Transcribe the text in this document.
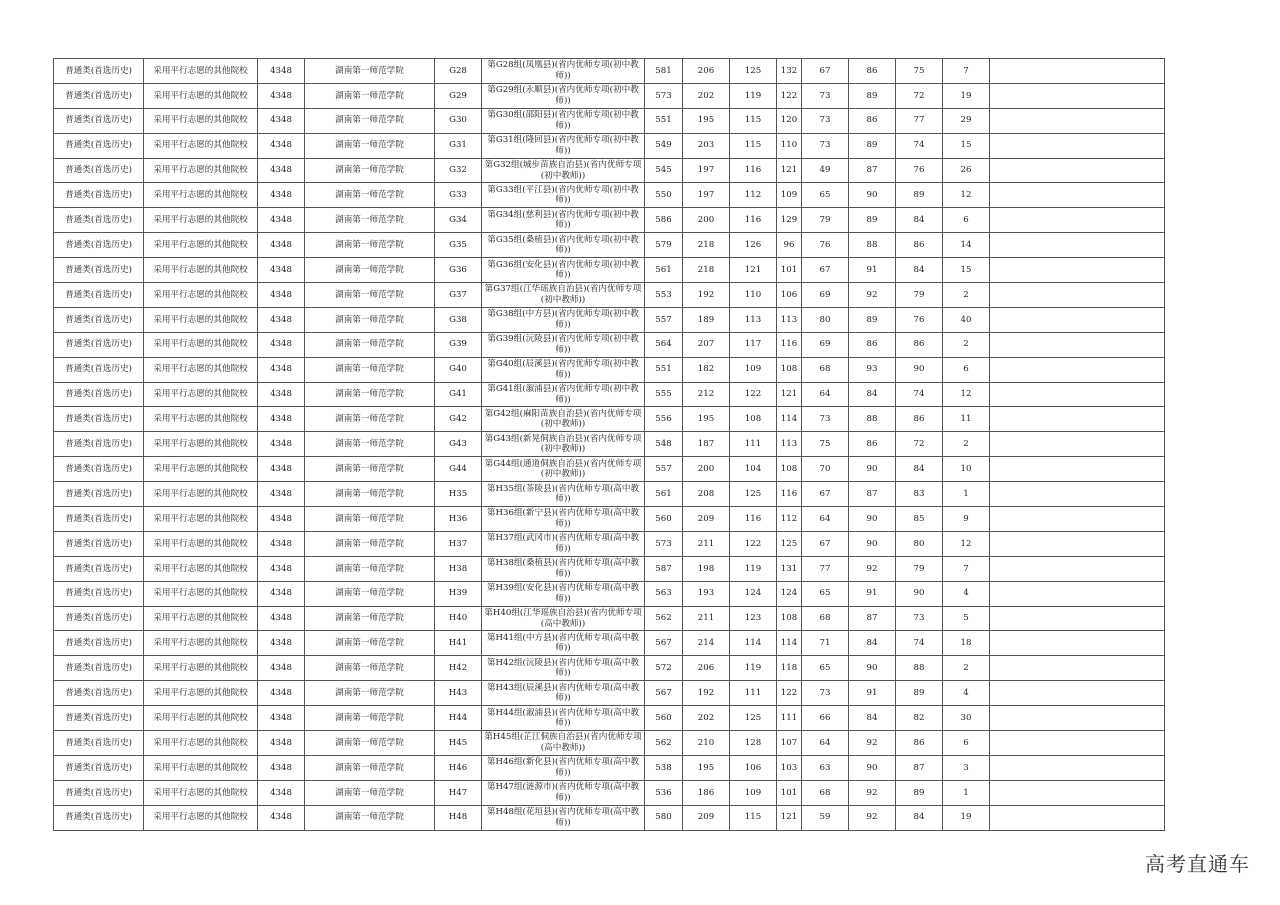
普通类(首选历史)	采用平行志愿的其他院校	4348	湖南第一师范学院	G28	第G28组(凤凰县)(省内优师专项(初中教师))	581	206	125	132	67	86	75	7	
普通类(首选历史)	采用平行志愿的其他院校	4348	湖南第一师范学院	G29	第G29组(永顺县)(省内优师专项(初中教师))	573	202	119	122	73	89	72	19	
普通类(首选历史)	采用平行志愿的其他院校	4348	湖南第一师范学院	G30	第G30组(邵阳县)(省内优师专项(初中教师))	551	195	115	120	73	86	77	29	
普通类(首选历史)	采用平行志愿的其他院校	4348	湖南第一师范学院	G31	第G31组(隆回县)(省内优师专项(初中教师))	549	203	115	110	73	89	74	15	
普通类(首选历史)	采用平行志愿的其他院校	4348	湖南第一师范学院	G32	第G32组(城步苗族自治县)(省内优师专项(初中教师))	545	197	116	121	49	87	76	26	
普通类(首选历史)	采用平行志愿的其他院校	4348	湖南第一师范学院	G33	第G33组(平江县)(省内优师专项(初中教师))	550	197	112	109	65	90	89	12	
普通类(首选历史)	采用平行志愿的其他院校	4348	湖南第一师范学院	G34	第G34组(慈利县)(省内优师专项(初中教师))	586	200	116	129	79	89	84	6	
普通类(首选历史)	采用平行志愿的其他院校	4348	湖南第一师范学院	G35	第G35组(桑植县)(省内优师专项(初中教师))	579	218	126	96	76	88	86	14	
普通类(首选历史)	采用平行志愿的其他院校	4348	湖南第一师范学院	G36	第G36组(安化县)(省内优师专项(初中教师))	561	218	121	101	67	91	84	15	
普通类(首选历史)	采用平行志愿的其他院校	4348	湖南第一师范学院	G37	第G37组(江华瑶族自治县)(省内优师专项(初中教师))	553	192	110	106	69	92	79	2	
普通类(首选历史)	采用平行志愿的其他院校	4348	湖南第一师范学院	G38	第G38组(中方县)(省内优师专项(初中教师))	557	189	113	113	80	89	76	40	
普通类(首选历史)	采用平行志愿的其他院校	4348	湖南第一师范学院	G39	第G39组(沅陵县)(省内优师专项(初中教师))	564	207	117	116	69	86	86	2	
普通类(首选历史)	采用平行志愿的其他院校	4348	湖南第一师范学院	G40	第G40组(辰溪县)(省内优师专项(初中教师))	551	182	109	108	68	93	90	6	
普通类(首选历史)	采用平行志愿的其他院校	4348	湖南第一师范学院	G41	第G41组(溆浦县)(省内优师专项(初中教师))	555	212	122	121	64	84	74	12	
普通类(首选历史)	采用平行志愿的其他院校	4348	湖南第一师范学院	G42	第G42组(麻阳苗族自治县)(省内优师专项(初中教师))	556	195	108	114	73	88	86	11	
普通类(首选历史)	采用平行志愿的其他院校	4348	湖南第一师范学院	G43	第G43组(新晃侗族自治县)(省内优师专项(初中教师))	548	187	111	113	75	86	72	2	
普通类(首选历史)	采用平行志愿的其他院校	4348	湖南第一师范学院	G44	第G44组(通道侗族自治县)(省内优师专项(初中教师))	557	200	104	108	70	90	84	10	
普通类(首选历史)	采用平行志愿的其他院校	4348	湖南第一师范学院	H35	第H35组(茶陵县)(省内优师专项(高中教师))	561	208	125	116	67	87	83	1	
普通类(首选历史)	采用平行志愿的其他院校	4348	湖南第一师范学院	H36	第H36组(新宁县)(省内优师专项(高中教师))	560	209	116	112	64	90	85	9	
普通类(首选历史)	采用平行志愿的其他院校	4348	湖南第一师范学院	H37	第H37组(武冈市)(省内优师专项(高中教师))	573	211	122	125	67	90	80	12	
普通类(首选历史)	采用平行志愿的其他院校	4348	湖南第一师范学院	H38	第H38组(桑植县)(省内优师专项(高中教师))	587	198	119	131	77	92	79	7	
普通类(首选历史)	采用平行志愿的其他院校	4348	湖南第一师范学院	H39	第H39组(安化县)(省内优师专项(高中教师))	563	193	124	124	65	91	90	4	
普通类(首选历史)	采用平行志愿的其他院校	4348	湖南第一师范学院	H40	第H40组(江华瑶族自治县)(省内优师专项(高中教师))	562	211	123	108	68	87	73	5	
普通类(首选历史)	采用平行志愿的其他院校	4348	湖南第一师范学院	H41	第H41组(中方县)(省内优师专项(高中教师))	567	214	114	114	71	84	74	18	
普通类(首选历史)	采用平行志愿的其他院校	4348	湖南第一师范学院	H42	第H42组(沅陵县)(省内优师专项(高中教师))	572	206	119	118	65	90	88	2	
普通类(首选历史)	采用平行志愿的其他院校	4348	湖南第一师范学院	H43	第H43组(辰溪县)(省内优师专项(高中教师))	567	192	111	122	73	91	89	4	
普通类(首选历史)	采用平行志愿的其他院校	4348	湖南第一师范学院	H44	第H44组(溆浦县)(省内优师专项(高中教师))	560	202	125	111	66	84	82	30	
普通类(首选历史)	采用平行志愿的其他院校	4348	湖南第一师范学院	H45	第H45组(芷江侗族自治县)(省内优师专项(高中教师))	562	210	128	107	64	92	86	6	
普通类(首选历史)	采用平行志愿的其他院校	4348	湖南第一师范学院	H46	第H46组(新化县)(省内优师专项(高中教师))	538	195	106	103	63	90	87	3	
普通类(首选历史)	采用平行志愿的其他院校	4348	湖南第一师范学院	H47	第H47组(涟源市)(省内优师专项(高中教师))	536	186	109	101	68	92	89	1	
普通类(首选历史)	采用平行志愿的其他院校	4348	湖南第一师范学院	H48	第H48组(花垣县)(省内优师专项(高中教师))	580	209	115	121	59	92	84	19	
高考直通车
